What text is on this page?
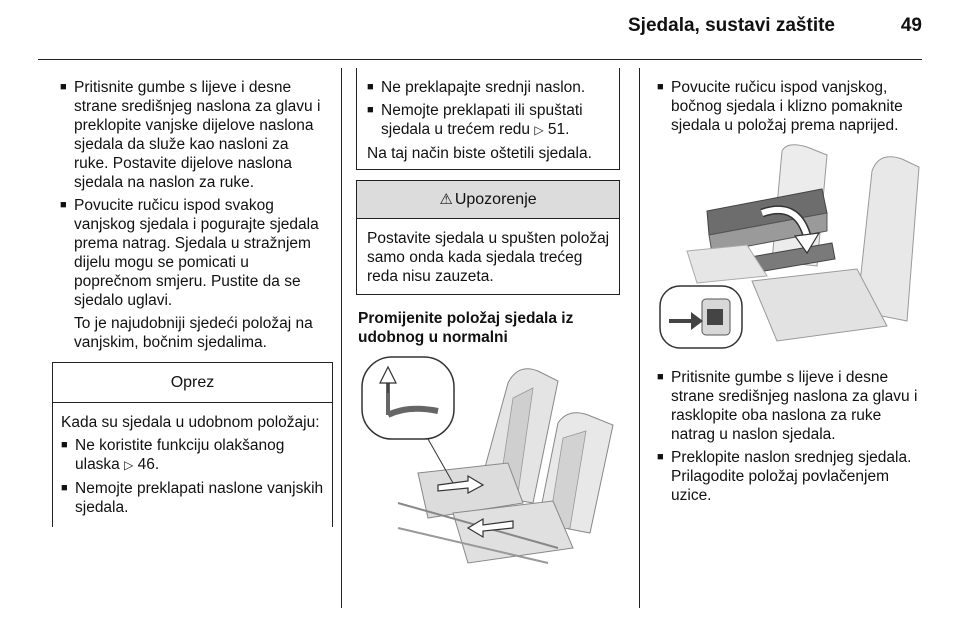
Sjedala, sustavi zaštite	49
■ Pritisnite gumbe s lijeve i desne strane središnjeg naslona za glavu i preklopite vanjske dijelove naslona sjedala da služe kao nasloni za ruke. Postavite dijelove naslona sjedala na naslon za ruke.
■ Povucite ručicu ispod svakog vanjskog sjedala i pogurajte sjedala prema natrag. Sjedala u stražnjem dijelu mogu se pomicati u poprečnom smjeru. Pustite da se sjedalo uglavi.
To je najudobniji sjedeći položaj na vanjskim, bočnim sjedalima.
Oprez
Kada su sjedala u udobnom položaju:
■ Ne koristite funkciju olakšanog ulaska ▷ 46.
■ Nemojte preklapati naslone vanjskih sjedala.
■ Ne preklapajte srednji naslon.
■ Nemojte preklapati ili spuštati sjedala u trećem redu ▷ 51.
Na taj način biste oštetili sjedala.
⚠ Upozorenje
Postavite sjedala u spušten položaj samo onda kada sjedala trećeg reda nisu zauzeta.
Promijenite položaj sjedala iz udobnog u normalni
■ Povucite ručicu ispod vanjskog, bočnog sjedala i klizno pomaknite sjedala u položaj prema naprijed.
■ Pritisnite gumbe s lijeve i desne strane središnjeg naslona za glavu i rasklopite oba naslona za ruke natrag u naslon sjedala.
■ Preklopite naslon srednjeg sjedala. Prilagodite položaj povlačenjem uzice.
